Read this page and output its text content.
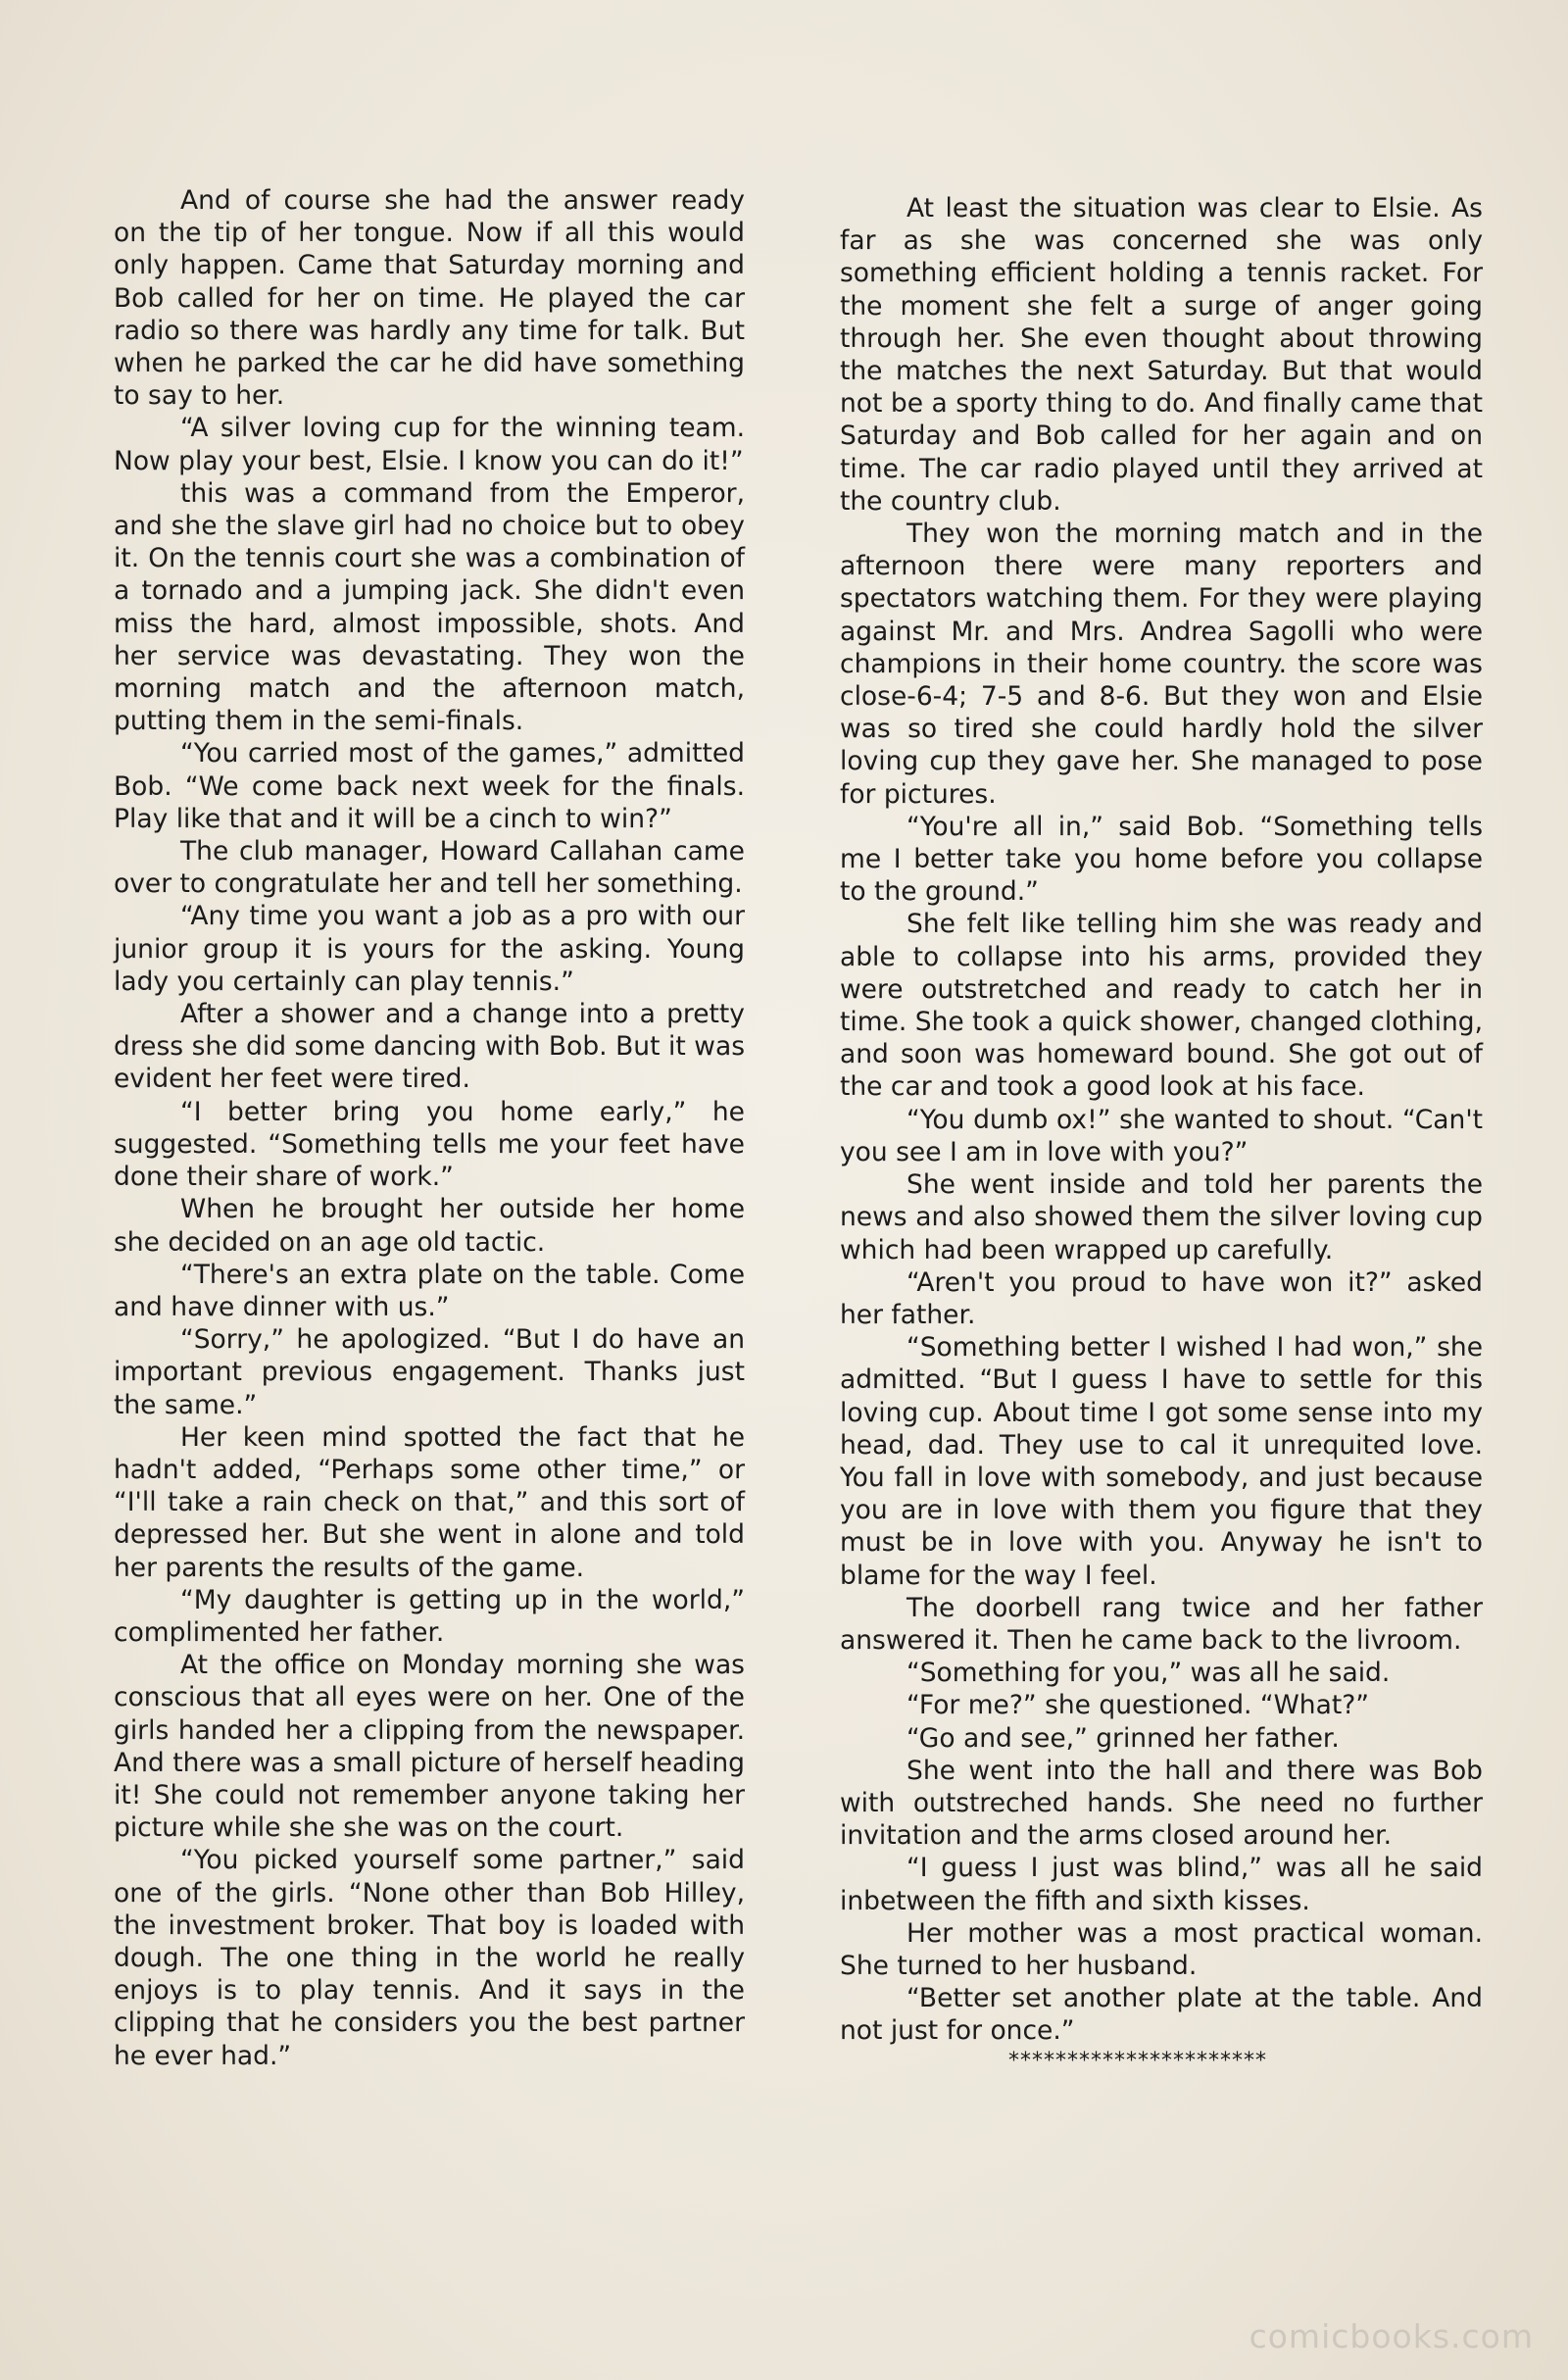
And of course she had the answer ready on the tip of her tongue. Now if all this would only happen. Came that Saturday morning and Bob called for her on time. He played the car radio so there was hardly any time for talk. But when he parked the car he did have something to say to her.

“A silver loving cup for the winning team. Now play your best, Elsie. I know you can do it!”

this was a command from the Emperor, and she the slave girl had no choice but to obey it. On the tennis court she was a combination of a tornado and a jumping jack. She didn't even miss the hard, almost impossible, shots. And her service was devastating. They won the morning match and the afternoon match, putting them in the semi-finals.

“You carried most of the games,” admitted Bob. “We come back next week for the finals. Play like that and it will be a cinch to win?”

The club manager, Howard Callahan came over to congratulate her and tell her something.

“Any time you want a job as a pro with our junior group it is yours for the asking. Young lady you certainly can play tennis.”

After a shower and a change into a pretty dress she did some dancing with Bob. But it was evident her feet were tired.

“I better bring you home early,” he suggested. “Something tells me your feet have done their share of work.”

When he brought her outside her home she decided on an age old tactic.

“There's an extra plate on the table. Come and have dinner with us.”

“Sorry,” he apologized. “But I do have an important previous engagement. Thanks just the same.”

Her keen mind spotted the fact that he hadn't added, “Perhaps some other time,” or “I'll take a rain check on that,” and this sort of depressed her. But she went in alone and told her parents the results of the game.

“My daughter is getting up in the world,” complimented her father.

At the office on Monday morning she was conscious that all eyes were on her. One of the girls handed her a clipping from the newspaper. And there was a small picture of herself heading it! She could not remember anyone taking her picture while she she was on the court.

“You picked yourself some partner,” said one of the girls. “None other than Bob Hilley, the investment broker. That boy is loaded with dough. The one thing in the world he really enjoys is to play tennis. And it says in the clipping that he considers you the best partner he ever had.”

At least the situation was clear to Elsie. As far as she was concerned she was only something efficient holding a tennis racket. For the moment she felt a surge of anger going through her. She even thought about throwing the matches the next Saturday. But that would not be a sporty thing to do. And finally came that Saturday and Bob called for her again and on time. The car radio played until they arrived at the country club.

They won the morning match and in the afternoon there were many reporters and spectators watching them. For they were playing against Mr. and Mrs. Andrea Sagolli who were champions in their home country. the score was close-6-4; 7-5 and 8-6. But they won and Elsie was so tired she could hardly hold the silver loving cup they gave her. She managed to pose for pictures.

“You're all in,” said Bob. “Something tells me I better take you home before you collapse to the ground.”

She felt like telling him she was ready and able to collapse into his arms, provided they were outstretched and ready to catch her in time. She took a quick shower, changed clothing, and soon was homeward bound. She got out of the car and took a good look at his face.

“You dumb ox!” she wanted to shout. “Can't you see I am in love with you?”

She went inside and told her parents the news and also showed them the silver loving cup which had been wrapped up carefully.

“Aren't you proud to have won it?” asked her father.

“Something better I wished I had won,” she admitted. “But I guess I have to settle for this loving cup. About time I got some sense into my head, dad. They use to cal it unrequited love. You fall in love with somebody, and just because you are in love with them you figure that they must be in love with you. Anyway he isn't to blame for the way I feel.

The doorbell rang twice and her father answered it. Then he came back to the livroom.

“Something for you,” was all he said.

“For me?” she questioned. “What?”

“Go and see,” grinned her father.

She went into the hall and there was Bob with outstreched hands. She need no further invitation and the arms closed around her.

“I guess I just was blind,” was all he said inbetween the fifth and sixth kisses.

Her mother was a most practical woman. She turned to her husband.

“Better set another plate at the table. And not just for once.”

**********************

comicbooks.com
